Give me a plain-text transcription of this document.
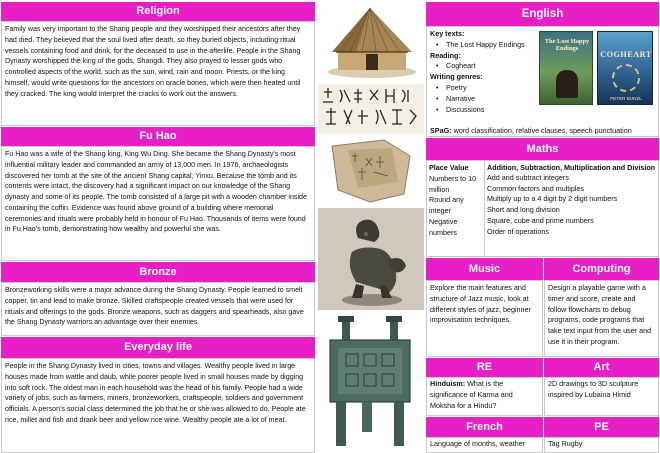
Religion
Family was very important to the Shang people and they worshipped their ancestors after they had died. They believed that the soul lived after death, so they buried objects, including ritual vessels containing food and drink, for the deceased to use in the afterlife. People in the Shang Dynasty worshipped the king of the gods, Shangdi. They also prayed to lesser gods who controlled aspects of the world, such as the sun, wind, rain and moon. Priests, or the king himself, would write questions for the ancestors on oracle bones, which were then heated until they cracked. The king would interpret the cracks to work out the answers.
Fu Hao
Fu Hao was a wife of the Shang king, King Wu Ding. She became the Shang Dynasty's most influential military leader and commanded an army of 13,000 men. In 1976, archaeologists discovered her tomb at the site of the ancient Shang capital, Yinxu. Because the tomb and its contents were intact, the discovery had a significant impact on our knowledge of the Shang dynasty and some of its people. The tomb consisted of a large pit with a wooden chamber inside containing the coffin. Evidence was found above ground of a building where memorial ceremonies and rituals were probably held in honour of Fu Hao. Thousands of items were found in Fu Hao's tomb, demonstrating how wealthy and powerful she was.
Bronze
Bronzeworking skills were a major advance during the Shang Dynasty. People learned to smelt copper, tin and lead to make bronze. Skilled craftspeople created vessels that were used for rituals and offerings to the gods. Bronze weapons, such as daggers and spearheads, also gave the Shang Dynasty warriors an advantage over their enemies.
Everyday life
People in the Shang Dynasty lived in cities, towns and villages. Wealthy people lived in large houses made from wattle and daub, while poorer people lived in small houses made by digging into soft rock. The oldest man in each household was the head of his family. People had a wide variety of jobs, such as farmers, miners, bronzeworkers, craftspeople, soldiers and government officials. A person's social class determined the job that he or she was allowed to do. People ate rice, millet and fish and drank beer and yellow rice wine. Wealthy people ate a lot of meat.
English
Key texts:
• The Lost Happy Endings
Reading:
• Cogheart
Writing genres:
• Poetry
• Narrative
• Discussions
The Lost Happy Endings
COGHEART
PETER BUNZL
SPaG: word classification, relative clauses, speech punctuation
Maths
Place Value
Numbers to 10
million
Round any
integer
Negative
numbers
Addition, Subtraction, Multiplication and Division
Add and subtract integers
Common factors and multiples
Multiply up to a 4 digit by 2 digit numbers
Short and long division
Square, cube and prime numbers
Order of operations
Music	Computing
Explore the main features and structure of Jazz music, look at different styles of jazz, beginner improvisation techniques.
Design a playable game with a timer and score, create and follow flowcharts to debug programs, code programs that take text input from the user and use it in their program.
RE	Art
Hinduism: What is the significance of Karma and Moksha for a Hindu?
2D drawings to 3D sculpture inspired by Lubaina Himid
French	PE
Language of months, weather	Tag Rugby
